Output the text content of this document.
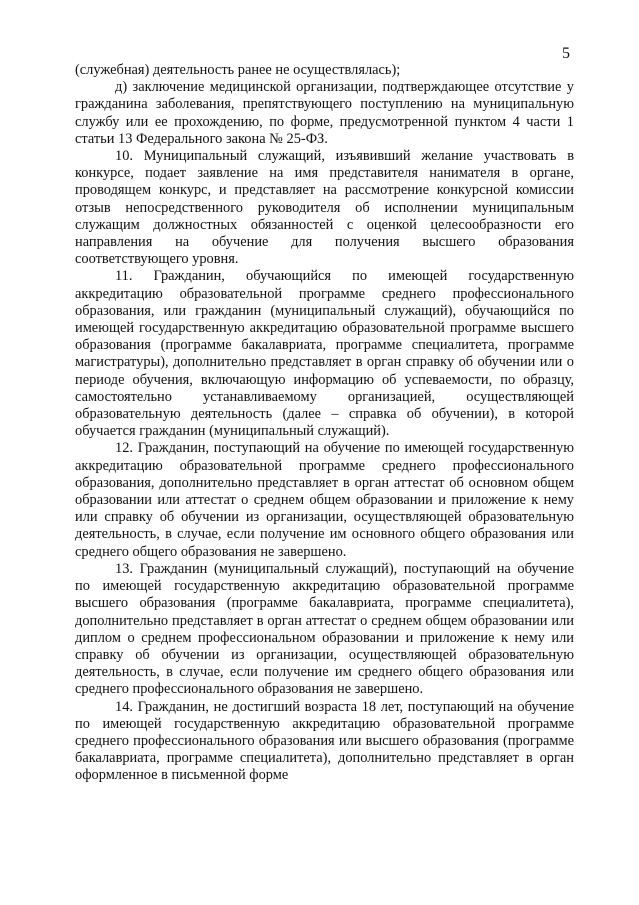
5

(служебная) деятельность ранее не осуществлялась);

д) заключение медицинской организации, подтверждающее отсутствие у гражданина заболевания, препятствующего поступлению на муниципальную службу или ее прохождению, по форме, предусмотренной пунктом 4 части 1 статьи 13 Федерального закона № 25-ФЗ.

10. Муниципальный служащий, изъявивший желание участвовать в конкурсе, подает заявление на имя представителя нанимателя в органе, проводящем конкурс, и представляет на рассмотрение конкурсной комиссии отзыв непосредственного руководителя об исполнении муниципальным служащим должностных обязанностей с оценкой целесообразности его направления на обучение для получения высшего образования соответствующего уровня.

11. Гражданин, обучающийся по имеющей государственную аккредитацию образовательной программе среднего профессионального образования, или гражданин (муниципальный служащий), обучающийся по имеющей государственную аккредитацию образовательной программе высшего образования (программе бакалавриата, программе специалитета, программе магистратуры), дополнительно представляет в орган справку об обучении или о периоде обучения, включающую информацию об успеваемости, по образцу, самостоятельно устанавливаемому организацией, осуществляющей образовательную деятельность (далее – справка об обучении), в которой обучается гражданин (муниципальный служащий).

12. Гражданин, поступающий на обучение по имеющей государственную аккредитацию образовательной программе среднего профессионального образования, дополнительно представляет в орган аттестат об основном общем образовании или аттестат о среднем общем образовании и приложение к нему или справку об обучении из организации, осуществляющей образовательную деятельность, в случае, если получение им основного общего образования или среднего общего образования не завершено.

13. Гражданин (муниципальный служащий), поступающий на обучение по имеющей государственную аккредитацию образовательной программе высшего образования (программе бакалавриата, программе специалитета), дополнительно представляет в орган аттестат о среднем общем образовании или диплом о среднем профессиональном образовании и приложение к нему или справку об обучении из организации, осуществляющей образовательную деятельность, в случае, если получение им среднего общего образования или среднего профессионального образования не завершено.

14. Гражданин, не достигший возраста 18 лет, поступающий на обучение по имеющей государственную аккредитацию образовательной программе среднего профессионального образования или высшего образования (программе бакалавриата, программе специалитета), дополнительно представляет в орган оформленное в письменной форме
